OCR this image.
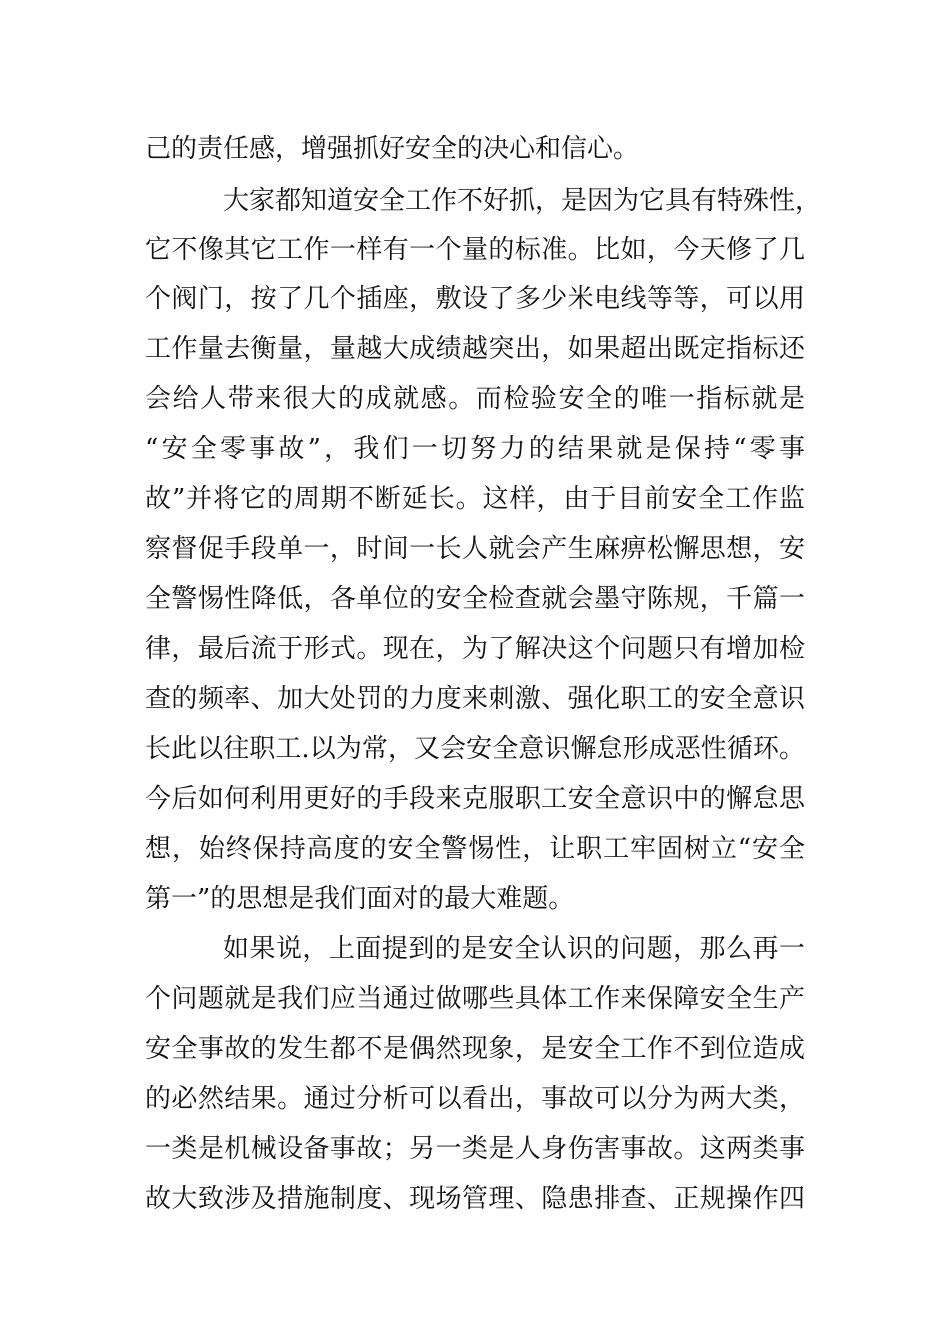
己的责任感，增强抓好安全的决心和信心。
大家都知道安全工作不好抓，是因为它具有特殊性，
它不像其它工作一样有一个量的标准。比如，今天修了几
个阀门，按了几个插座，敷设了多少米电线等等，可以用
工作量去衡量，量越大成绩越突出，如果超出既定指标还
会给人带来很大的成就感。而检验安全的唯一指标就是
“安全零事故”，我们一切努力的结果就是保持“零事
故”并将它的周期不断延长。这样，由于目前安全工作监
察督促手段单一，时间一长人就会产生麻痹松懈思想，安
全警惕性降低，各单位的安全检查就会墨守陈规，千篇一
律，最后流于形式。现在，为了解决这个问题只有增加检
查的频率、加大处罚的力度来刺激、强化职工的安全意识
长此以往职工.以为常，又会安全意识懈怠形成恶性循环。
今后如何利用更好的手段来克服职工安全意识中的懈怠思
想，始终保持高度的安全警惕性，让职工牢固树立“安全
第一”的思想是我们面对的最大难题。
如果说，上面提到的是安全认识的问题，那么再一
个问题就是我们应当通过做哪些具体工作来保障安全生产
安全事故的发生都不是偶然现象，是安全工作不到位造成
的必然结果。通过分析可以看出，事故可以分为两大类，
一类是机械设备事故；另一类是人身伤害事故。这两类事
故大致涉及措施制度、现场管理、隐患排查、正规操作四
